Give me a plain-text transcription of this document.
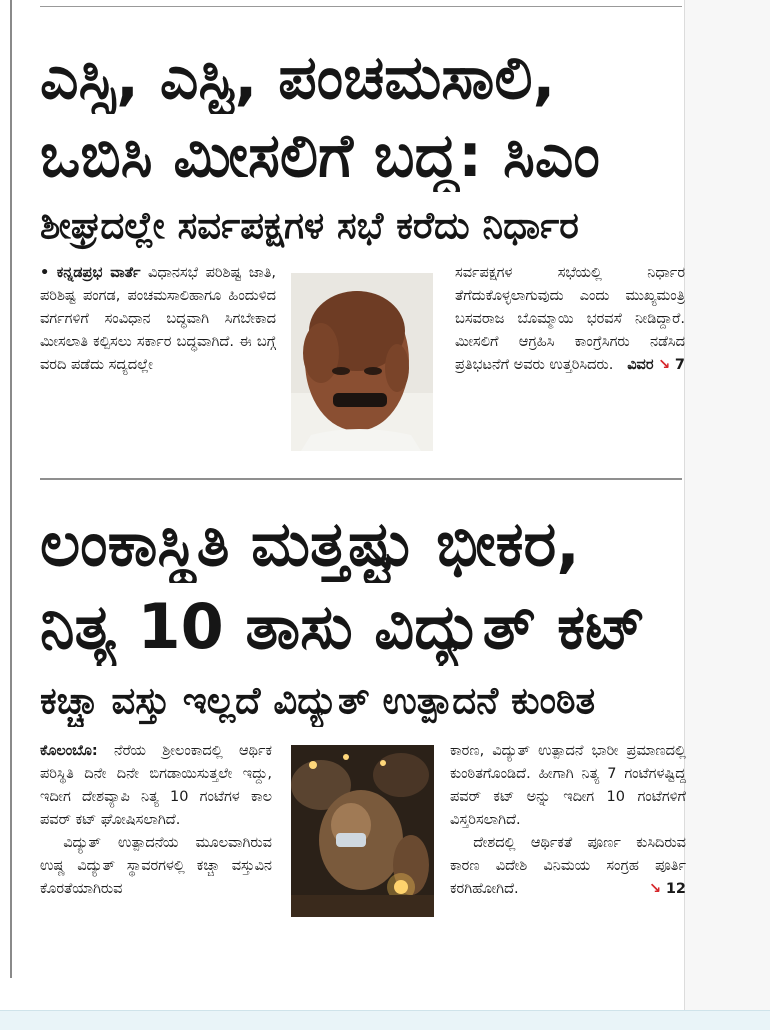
ಎಸ್ಸಿ, ಎಸ್ಟಿ, ಪಂಚಮಸಾಲಿ,
ಒಬಿಸಿ ಮೀಸಲಿಗೆ ಬದ್ಧ: ಸಿಎಂ
ಶೀಘ್ರದಲ್ಲೇ ಸರ್ವಪಕ್ಷಗಳ ಸಭೆ ಕರೆದು ನಿರ್ಧಾರ

• ಕನ್ನಡಪ್ರಭ ವಾರ್ತೆ ವಿಧಾನಸಭೆ ಪರಿಶಿಷ್ಟ ಜಾತಿ, ಪರಿಶಿಷ್ಟ ಪಂಗಡ, ಪಂಚಮಸಾಲಿಹಾಗೂ ಹಿಂದುಳಿದ ವರ್ಗಗಳಿಗೆ ಸಂವಿಧಾನ ಬದ್ಧವಾಗಿ ಸಿಗಬೇಕಾದ ಮೀಸಲಾತಿ ಕಲ್ಪಿಸಲು ಸರ್ಕಾರ ಬದ್ಧವಾಗಿದೆ. ಈ ಬಗ್ಗೆ ವರದಿ ಪಡೆದು ಸದ್ಯದಲ್ಲೇ

ಸರ್ವಪಕ್ಷಗಳ ಸಭೆಯಲ್ಲಿ ನಿರ್ಧಾರ ತೆಗೆದುಕೊಳ್ಳಲಾಗುವುದು ಎಂದು ಮುಖ್ಯಮಂತ್ರಿ ಬಸವರಾಜ ಬೊಮ್ಮಾಯಿ ಭರವಸೆ ನೀಡಿದ್ದಾರೆ. ಮೀಸಲಿಗೆ ಆಗ್ರಹಿಸಿ ಕಾಂಗ್ರೆಸಿಗರು ನಡೆಸಿದ ಪ್ರತಿಭಟನೆಗೆ ಅವರು ಉತ್ತರಿಸಿದರು. ವಿವರ ↘ 7

ಲಂಕಾಸ್ಥಿತಿ ಮತ್ತಷ್ಟು ಭೀಕರ,
ನಿತ್ಯ 10 ತಾಸು ವಿದ್ಯುತ್ ಕಟ್
ಕಚ್ಚಾ ವಸ್ತು ಇಲ್ಲದೆ ವಿದ್ಯುತ್ ಉತ್ಪಾದನೆ ಕುಂಠಿತ

ಕೊಲಂಬೊ: ನೆರೆಯ ಶ್ರೀಲಂಕಾದಲ್ಲಿ ಆರ್ಥಿಕ ಪರಿಸ್ಥಿತಿ ದಿನೇ ದಿನೇ ಬಿಗಡಾಯಿಸುತ್ತಲೇ ಇದ್ದು, ಇದೀಗ ದೇಶವ್ಯಾಪಿ ನಿತ್ಯ 10 ಗಂಟೆಗಳ ಕಾಲ ಪವರ್ ಕಟ್ ಘೋಷಿಸಲಾಗಿದೆ.

ವಿದ್ಯುತ್ ಉತ್ಪಾದನೆಯ ಮೂಲವಾಗಿರುವ ಉಷ್ಣ ವಿದ್ಯುತ್ ಸ್ಥಾವರಗಳಲ್ಲಿ ಕಚ್ಚಾ ವಸ್ತುವಿನ ಕೊರತೆಯಾಗಿರುವ

ಕಾರಣ, ವಿದ್ಯುತ್ ಉತ್ಪಾದನೆ ಭಾರೀ ಪ್ರಮಾಣದಲ್ಲಿ ಕುಂಠಿತಗೊಂಡಿದೆ. ಹೀಗಾಗಿ ನಿತ್ಯ 7 ಗಂಟೆಗಳಷ್ಟಿದ್ದ ಪವರ್ ಕಟ್ ಅನ್ನು ಇದೀಗ 10 ಗಂಟೆಗಳಿಗೆ ವಿಸ್ತರಿಸಲಾಗಿದೆ.

ದೇಶದಲ್ಲಿ ಆರ್ಥಿಕತೆ ಪೂರ್ಣ ಕುಸಿದಿರುವ ಕಾರಣ ವಿದೇಶಿ ವಿನಿಮಯ ಸಂಗ್ರಹ ಪೂರ್ತಿ ಕರಗಿಹೋಗಿದೆ.	↘ 12
